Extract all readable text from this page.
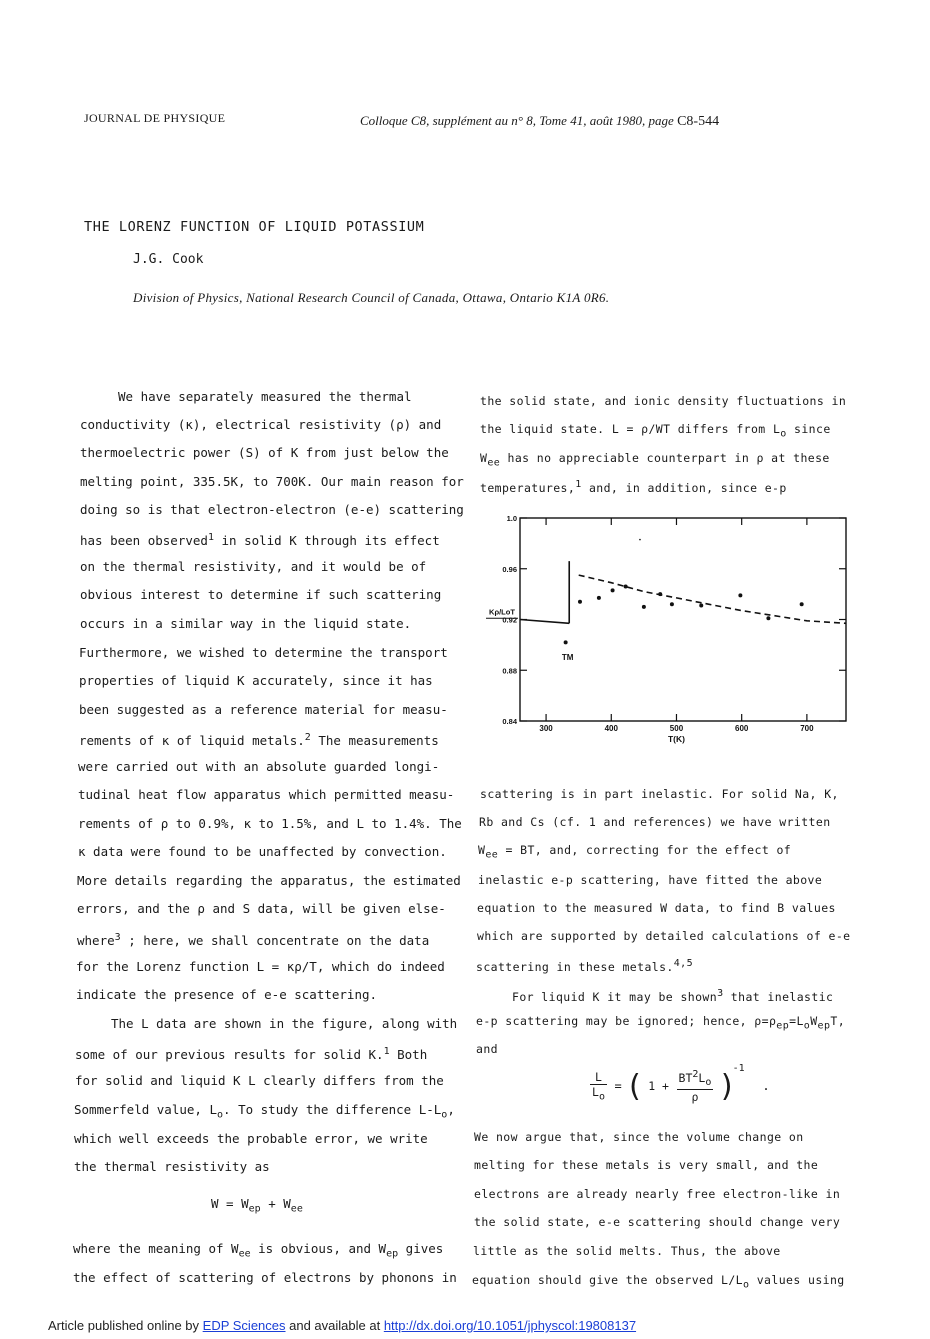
JOURNAL DE PHYSIQUE	Colloque C8, supplément au n° 8, Tome 41, août 1980, page C8-544
THE LORENZ FUNCTION OF LIQUID POTASSIUM
J.G. Cook
Division of Physics, National Research Council of Canada, Ottawa, Ontario K1A 0R6.
We have separately measured the thermal
conductivity (κ), electrical resistivity (ρ) and
thermoelectric power (S) of K from just below the
melting point, 335.5K, to 700K. Our main reason for
doing so is that electron-electron (e-e) scattering
has been observed$^1$ in solid K through its effect
on the thermal resistivity, and it would be of
obvious interest to determine if such scattering
occurs in a similar way in the liquid state.
Furthermore, we wished to determine the transport
properties of liquid K accurately, since it has
been suggested as a reference material for measu-
rements of κ of liquid metals.$^2$ The measurements
were carried out with an absolute guarded longi-
tudinal heat flow apparatus which permitted measu-
rements of ρ to 0.9%, κ to 1.5%, and L to 1.4%. The
κ data were found to be unaffected by convection.
More details regarding the apparatus, the estimated
errors, and the ρ and S data, will be given else-
where$^3$ ; here, we shall concentrate on the data
for the Lorenz function L = κρ/T, which do indeed
indicate the presence of e-e scattering.
The L data are shown in the figure, along with
some of our previous results for solid K.$^1$ Both
for solid and liquid K L clearly differs from the
Sommerfeld value, $L_o$. To study the difference $L-L_o$,
which well exceeds the probable error, we write
the thermal resistivity as
$W = W_{ep} + W_{ee}$
where the meaning of $W_{ee}$ is obvious, and $W_{ep}$ gives
the effect of scattering of electrons by phonons in
the solid state, and ionic density fluctuations in
the liquid state. L = ρ/WT differs from $L_o$ since
$W_{ee}$ has no appreciable counterpart in ρ at these
temperatures,$^1$ and, in addition, since e-p
300	400	500	600	700
1.0
0.96
0.92
0.88
0.84
T(K)
Kρ/LoT
TM
scattering is in part inelastic. For solid Na, K,
Rb and Cs (cf. 1 and references) we have written
$W_{ee}$ = BT, and, correcting for the effect of
inelastic e-p scattering, have fitted the above
equation to the measured W data, to find B values
which are supported by detailed calculations of e-e
scattering in these metals.$^{4,5}$
For liquid K it may be shown$^3$ that inelastic
e-p scattering may be ignored; hence, $\rho=\rho_{ep}=L_oW_{ep}T$,
and
$\frac{L}{L_o}$ = ( $1 + \frac{BT^2L_o}{\rho} )^{-1}$ .
We now argue that, since the volume change on
melting for these metals is very small, and the
electrons are already nearly free electron-like in
the solid state, e-e scattering should change very
little as the solid melts. Thus, the above
equation should give the observed $L/L_o$ values using
Article published online by EDP Sciences and available at http://dx.doi.org/10.1051/jphyscol:19808137
